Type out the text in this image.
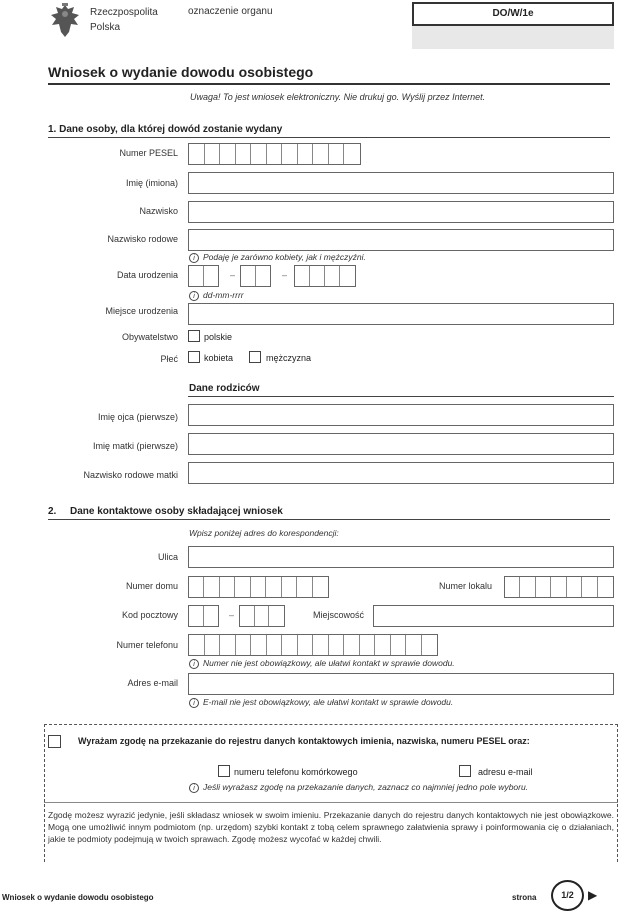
Rzeczpospolita
Polska
oznaczenie organu	DO/W/1e
Wniosek o wydanie dowodu osobistego
Uwaga! To jest wniosek elektroniczny. Nie drukuj go. Wyślij przez Internet.
1. Dane osoby, dla której dowód zostanie wydany
Numer PESEL
Imię (imiona)
Nazwisko
Nazwisko rodowe
i Podaję je zarówno kobiety, jak i mężczyźni.
Data urodzenia	–	–
i dd-mm-rrrr
Miejsce urodzenia
Obywatelstwo	polskie
Płeć	kobieta	mężczyzna
Dane rodziców
Imię ojca (pierwsze)
Imię matki (pierwsze)
Nazwisko rodowe matki
2. Dane kontaktowe osoby składającej wniosek
Wpisz poniżej adres do korespondencji:
Ulica
Numer domu	Numer lokalu
Kod pocztowy	–	Miejscowość
Numer telefonu
i Numer nie jest obowiązkowy, ale ułatwi kontakt w sprawie dowodu.
Adres e-mail
i E-mail nie jest obowiązkowy, ale ułatwi kontakt w sprawie dowodu.
Wyrażam zgodę na przekazanie do rejestru danych kontaktowych imienia, nazwiska, numeru PESEL oraz:
numeru telefonu komórkowego	adresu e-mail
i Jeśli wyrażasz zgodę na przekazanie danych, zaznacz co najmniej jedno pole wyboru.
Zgodę możesz wyrazić jedynie, jeśli składasz wniosek w swoim imieniu. Przekazanie danych do rejestru danych kontaktowych nie jest obowiązkowe. Mogą one umożliwić innym podmiotom (np. urzędom) szybki kontakt z tobą celem sprawnego załatwienia sprawy i poinformowania cię o działaniach, jakie te podmioty podejmują w twoich sprawach. Zgodę możesz wycofać w każdej chwili.
Wniosek o wydanie dowodu osobistego	strona	1/2	▶
